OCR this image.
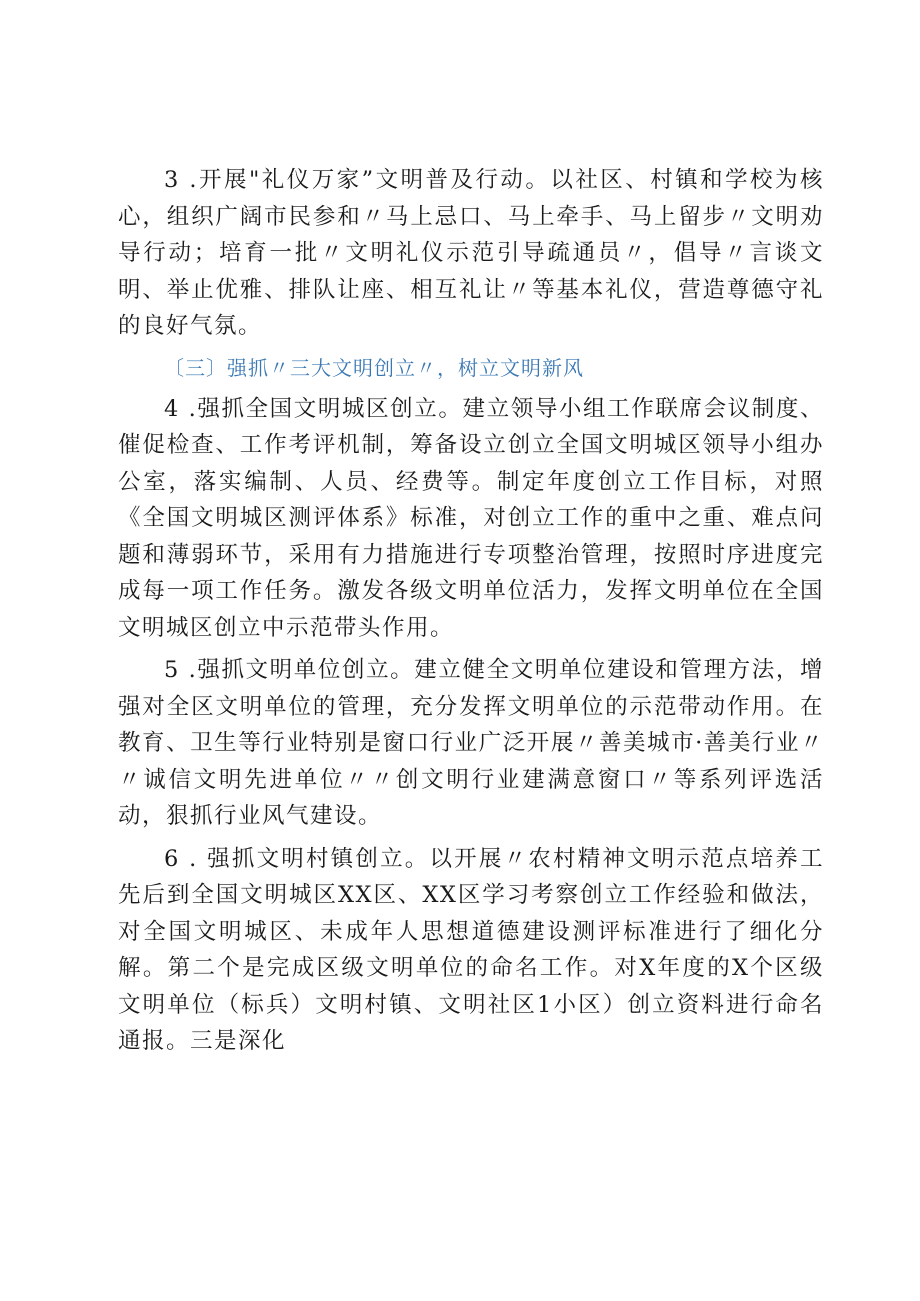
3 .开展"礼仪万家”文明普及行动。以社区、村镇和学校为核心，组织广阔市民参和〃马上忌口、马上牵手、马上留步〃文明劝导行动；培育一批〃文明礼仪示范引导疏通员〃，倡导〃言谈文明、举止优雅、排队让座、相互礼让〃等基本礼仪，营造尊德守礼的良好气氛。

〔三〕强抓〃三大文明创立〃，树立文明新风

4 .强抓全国文明城区创立。建立领导小组工作联席会议制度、催促检查、工作考评机制，筹备设立创立全国文明城区领导小组办公室，落实编制、人员、经费等。制定年度创立工作目标，对照《全国文明城区测评体系》标准，对创立工作的重中之重、难点问题和薄弱环节，采用有力措施进行专项整治管理，按照时序进度完成每一项工作任务。激发各级文明单位活力，发挥文明单位在全国文明城区创立中示范带头作用。

5 .强抓文明单位创立。建立健全文明单位建设和管理方法，增强对全区文明单位的管理，充分发挥文明单位的示范带动作用。在教育、卫生等行业特别是窗口行业广泛开展〃善美城市·善美行业〃〃诚信文明先进单位〃〃创文明行业建满意窗口〃等系列评选活动，狠抓行业风气建设。

6 . 强抓文明村镇创立。以开展〃农村精神文明示范点培养工先后到全国文明城区XX区、XX区学习考察创立工作经验和做法，对全国文明城区、未成年人思想道德建设测评标准进行了细化分解。第二个是完成区级文明单位的命名工作。对X年度的X个区级文明单位（标兵）文明村镇、文明社区1小区）创立资料进行命名通报。三是深化
